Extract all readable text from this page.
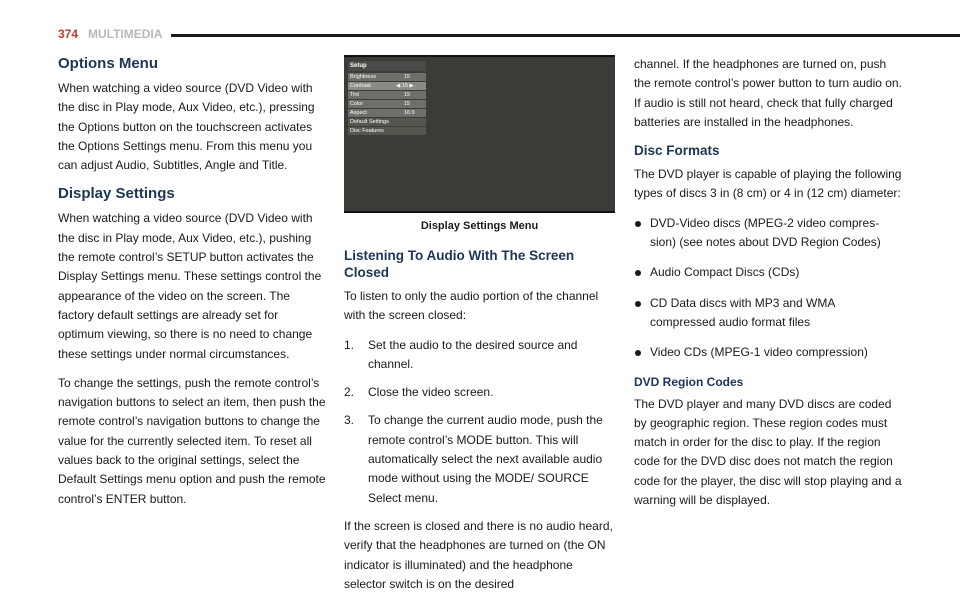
374 MULTIMEDIA
Options Menu

When watching a video source (DVD Video with the disc in Play mode, Aux Video, etc.), pressing the Options button on the touchscreen activates the Options Settings menu. From this menu you can adjust Audio, Subtitles, Angle and Title.

Display Settings

When watching a video source (DVD Video with the disc in Play mode, Aux Video, etc.), pushing the remote control’s SETUP button activates the Display Settings menu. These settings control the appearance of the video on the screen. The factory default settings are already set for optimum viewing, so there is no need to change these settings under normal circumstances.

To change the settings, push the remote control’s navigation buttons to select an item, then push the remote control’s navigation buttons to change the value for the currently selected item. To reset all values back to the original settings, select the Default Settings menu option and push the remote control’s ENTER button.

Setup
Brightness	15
Contrast	◀ 15 ▶
Tint	15
Color	15
Aspect	16:9
Default Settings
Disc Features
Display Settings Menu
Listening To Audio With The Screen Closed

To listen to only the audio portion of the channel with the screen closed:

1. Set the audio to the desired source and channel.
2. Close the video screen.
3. To change the current audio mode, push the remote control’s MODE button. This will automatically select the next available audio mode without using the MODE/ SOURCE Select menu.

If the screen is closed and there is no audio heard, verify that the headphones are turned on (the ON indicator is illuminated) and the headphone selector switch is on the desired

channel. If the headphones are turned on, push the remote control’s power button to turn audio on. If audio is still not heard, check that fully charged batteries are installed in the headphones.

Disc Formats

The DVD player is capable of playing the following types of discs 3 in (8 cm) or 4 in (12 cm) diameter:

DVD-Video discs (MPEG-2 video compres- sion) (see notes about DVD Region Codes)
Audio Compact Discs (CDs)
CD Data discs with MP3 and WMA compressed audio format files
Video CDs (MPEG-1 video compression)
DVD Region Codes

The DVD player and many DVD discs are coded by geographic region. These region codes must match in order for the disc to play. If the region code for the DVD disc does not match the region code for the player, the disc will stop playing and a warning will be displayed.
